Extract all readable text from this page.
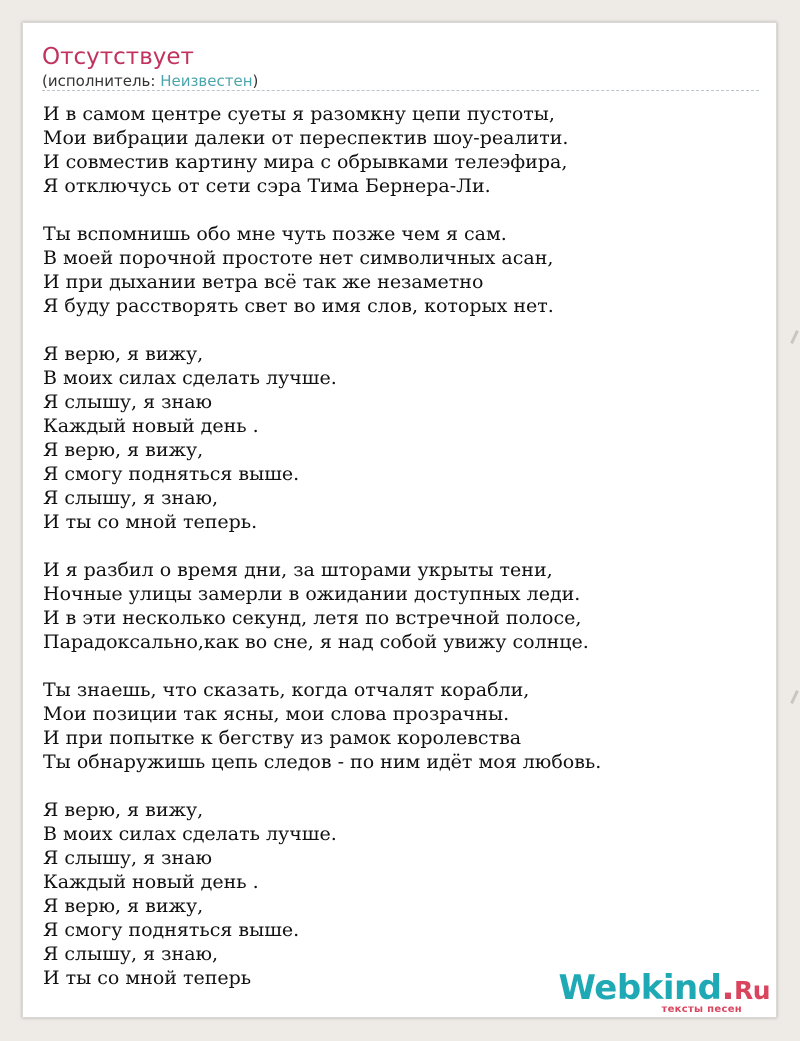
Отсутствует
(исполнитель: Неизвестен)
И в самом центре суеты я разомкну цепи пустоты,
Мои вибрации далеки от переспектив шоу-реалити.
И совместив картину мира с обрывками телеэфира,
Я отключусь от сети сэра Тима Бернера-Ли.
Ты вспомнишь обо мне чуть позже чем я сам.
В моей порочной простоте нет символичных асан,
И при дыхании ветра всё так же незаметно
Я буду расстворять свет во имя слов, которых нет.
Я верю, я вижу,
В моих силах сделать лучше.
Я слышу, я знаю
Каждый новый день .
Я верю, я вижу,
Я смогу подняться выше.
Я слышу, я знаю,
И ты со мной теперь.
И я разбил о время дни, за шторами укрыты тени,
Ночные улицы замерли в ожидании доступных леди.
И в эти несколько секунд, летя по встречной полосе,
Парадоксально,как во сне, я над собой увижу солнце.
Ты знаешь, что сказать, когда отчалят корабли,
Мои позиции так ясны, мои слова прозрачны.
И при попытке к бегству из рамок королевства
Ты обнаружишь цепь следов - по ним идёт моя любовь.
Я верю, я вижу,
В моих силах сделать лучше.
Я слышу, я знаю
Каждый новый день .
Я верю, я вижу,
Я смогу подняться выше.
Я слышу, я знаю,
И ты со мной теперь	Webkind.Ru
тексты песен
